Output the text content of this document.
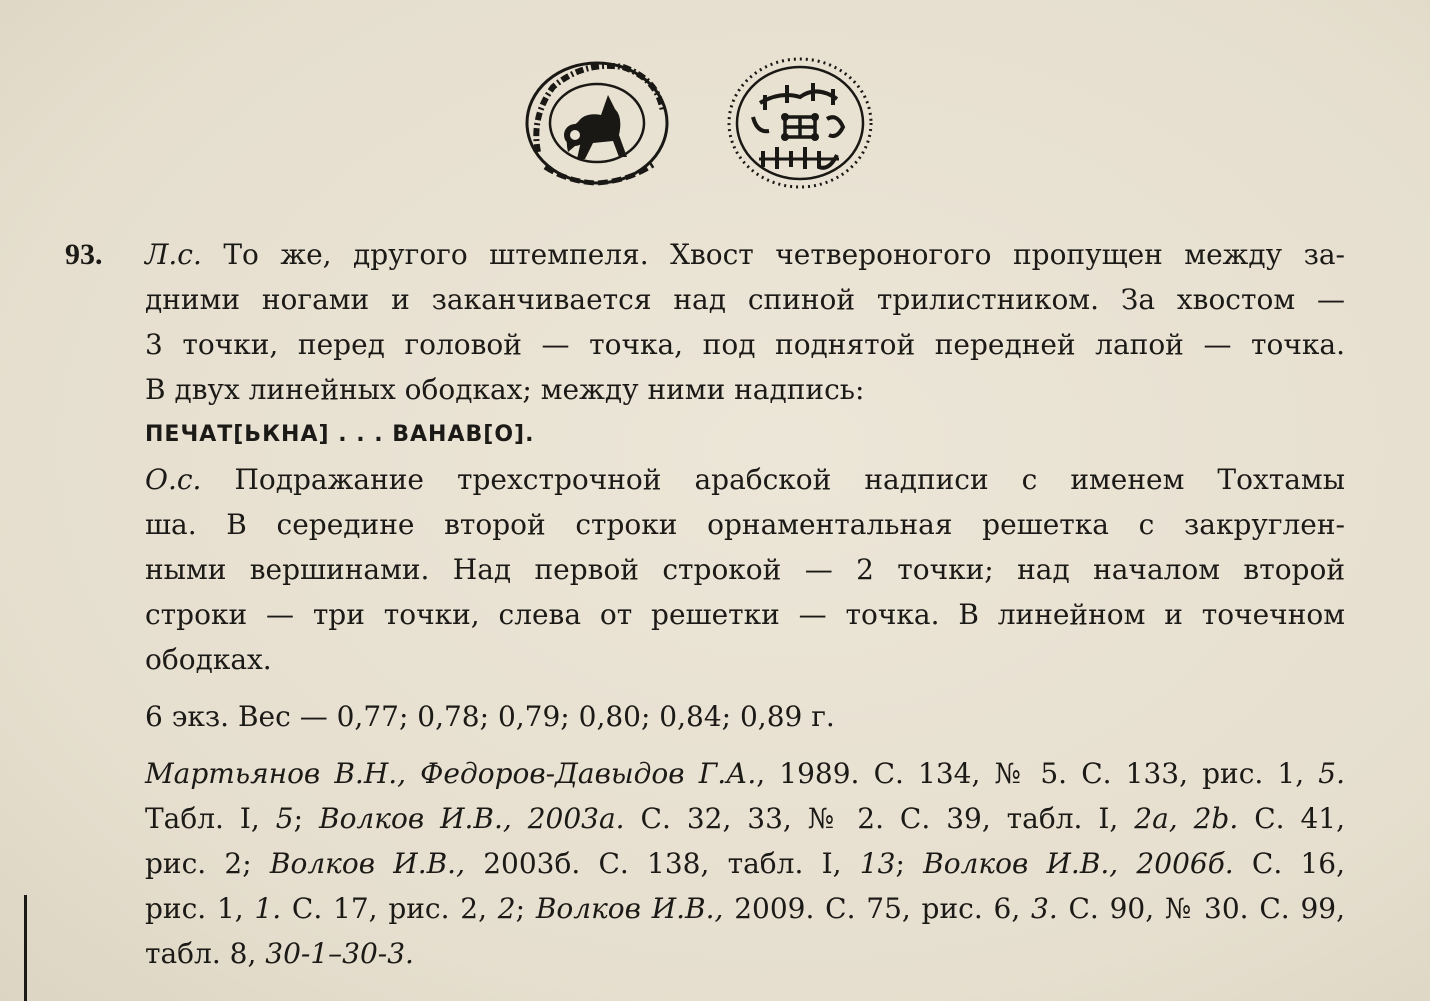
93. Л.с. То же, другого штемпеля. Хвост четвероногого пропущен между за-
дними ногами и заканчивается над спиной трилистником. За хвостом —
3 точки, перед головой — точка, под поднятой передней лапой — точка.
В двух линейных ободках; между ними надпись:
ПЕЧАТ[ЬКНА] . . . ВАНАВ[О].
О.с. Подражание трехстрочной арабской надписи с именем Тохтамы
ша. В середине второй строки орнаментальная решетка с закруглен-
ными вершинами. Над первой строкой — 2 точки; над началом второй
строки — три точки, слева от решетки — точка. В линейном и точечном
ободках.
6 экз. Вес — 0,77; 0,78; 0,79; 0,80; 0,84; 0,89 г.
Мартьянов В.Н., Федоров-Давыдов Г.А., 1989. С. 134, № 5. С. 133, рис. 1, 5.
Табл. I, 5; Волков И.В., 2003а. С. 32, 33, № 2. С. 39, табл. I, 2а, 2b. С. 41,
рис. 2; Волков И.В., 2003б. С. 138, табл. I, 13; Волков И.В., 2006б. С. 16,
рис. 1, 1. С. 17, рис. 2, 2; Волков И.В., 2009. С. 75, рис. 6, 3. С. 90, № 30. С. 99,
табл. 8, 30-1–30-3.
